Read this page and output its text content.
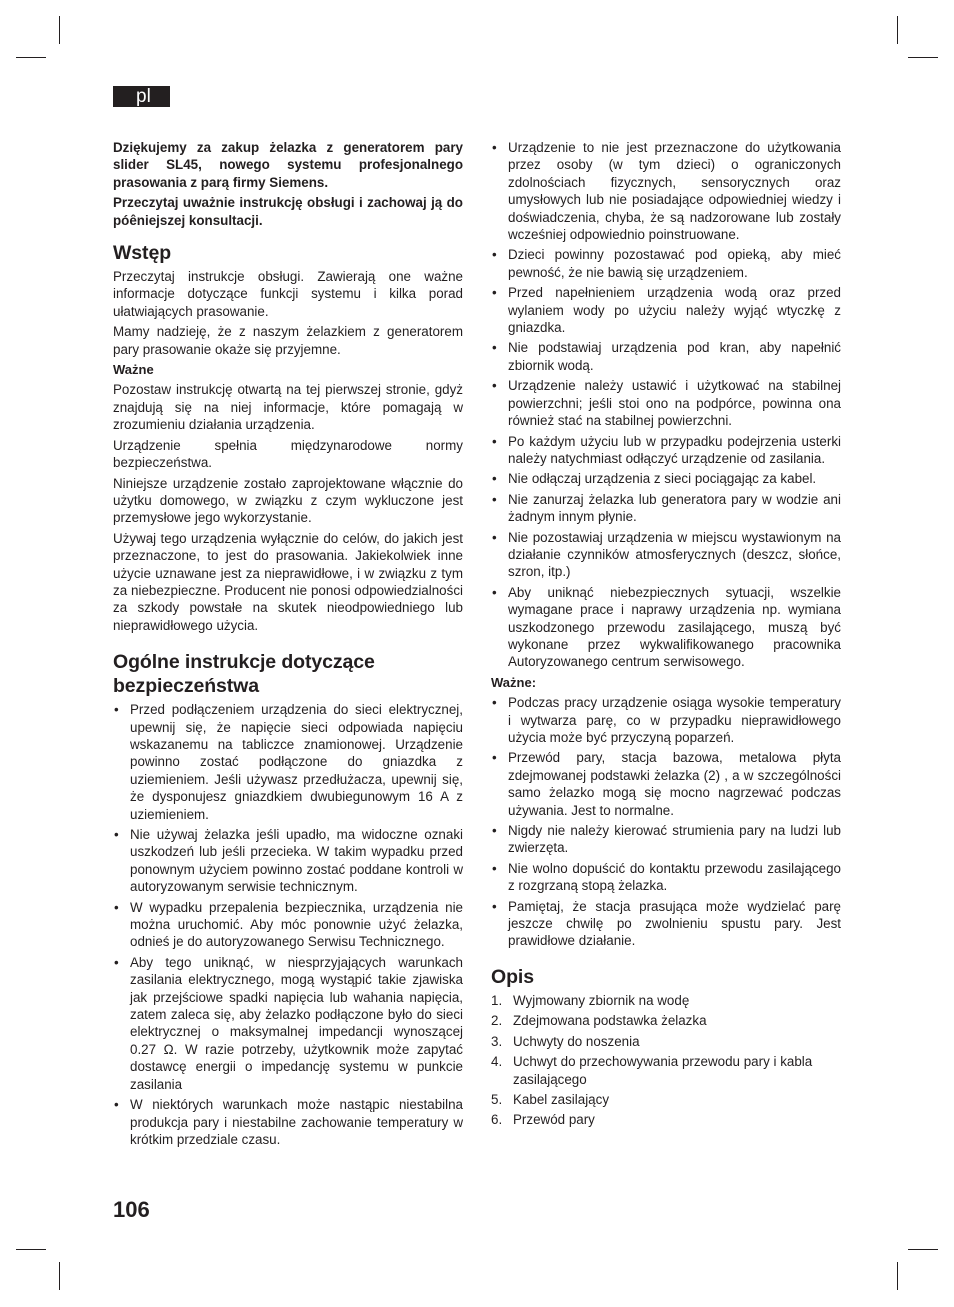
pl

Dziękujemy za zakup żelazka z generatorem pary slider SL45, nowego systemu profesjonalnego prasowania z parą firmy Siemens.

Przeczytaj uważnie instrukcję obsługi i zachowaj ją do póêniejszej konsultacji.

Wstęp

Przeczytaj instrukcje obsługi. Zawierają one ważne informacje dotyczące funkcji systemu i kilka porad ułatwiających prasowanie.

Mamy nadzieję, że z naszym żelazkiem z generatorem pary prasowanie okaże się przyjemne.

Ważne

Pozostaw instrukcję otwartą na tej pierwszej stronie, gdyż znajdują się na niej informacje, które pomagają w zrozumieniu działania urządzenia.

Urządzenie spełnia międzynarodowe normy bezpieczeństwa.

Niniejsze urządzenie zostało zaprojektowane włącznie do użytku domowego, w związku z czym wykluczone jest przemysłowe jego wykorzystanie.

Używaj tego urządzenia wyłącznie do celów, do jakich jest przeznaczone, to jest do prasowania. Jakiekolwiek inne użycie uznawane jest za nieprawidłowe, i w związku z tym za niebezpieczne. Producent nie ponosi odpowiedzialności za szkody powstałe na skutek nieodpowiedniego lub nieprawidłowego użycia.

Ogólne instrukcje dotyczące bezpieczeństwa
• Przed podłączeniem urządzenia do sieci elektrycznej, upewnij się, że napięcie sieci odpowiada napięciu wskazanemu na tabliczce znamionowej. Urządzenie powinno zostać podłączone do gniazdka z uziemieniem. Jeśli używasz przedłużacza, upewnij się, że dysponujesz gniazdkiem dwubiegunowym 16 A z uziemieniem.
• Nie używaj żelazka jeśli upadło, ma widoczne oznaki uszkodzeń lub jeśli przecieka. W takim wypadku przed ponownym użyciem powinno zostać poddane kontroli w autoryzowanym serwisie technicznym.
• W wypadku przepalenia bezpiecznika, urządzenia nie można uruchomić. Aby móc ponownie użyć żelazka, odnieś je do autoryzowanego Serwisu Technicznego.
• Aby tego uniknąć, w niesprzyjających warunkach zasilania elektrycznego, mogą wystąpić takie zjawiska jak przejściowe spadki napięcia lub wahania napięcia, zatem zaleca się, aby żelazko podłączone było do sieci elektrycznej o maksymalnej impedancji wynoszącej 0.27 Ω. W razie potrzeby, użytkownik może zapytać dostawcę energii o impedancję systemu w punkcie zasilania
• W niektórych warunkach może nastąpic niestabilna produkcja pary i niestabilne zachowanie temperatury w krótkim przedziale czasu.
• Urządzenie to nie jest przeznaczone do użytkowania przez osoby (w tym dzieci) o ograniczonych zdolnościach fizycznych, sensorycznych oraz umysłowych lub nie posiadające odpowiedniej wiedzy i doświadczenia, chyba, że są nadzorowane lub zostały wcześniej odpowiednio poinstruowane.
• Dzieci powinny pozostawać pod opieką, aby mieć pewność, że nie bawią się urządzeniem.
• Przed napełnieniem urządzenia wodą oraz przed wylaniem wody po użyciu należy wyjąć wtyczkę z gniazdka.
• Nie podstawiaj urządzenia pod kran, aby napełnić zbiornik wodą.
• Urządzenie należy ustawić i użytkować na stabilnej powierzchni; jeśli stoi ono na podpórce, powinna ona również stać na stabilnej powierzchni.
• Po każdym użyciu lub w przypadku podejrzenia usterki należy natychmiast odłączyć urządzenie od zasilania.
• Nie odłączaj urządzenia z sieci pociągając za kabel.
• Nie zanurzaj żelazka lub generatora pary w wodzie ani żadnym innym płynie.
• Nie pozostawiaj urządzenia w miejscu wystawionym na działanie czynników atmosferycznych (deszcz, słońce, szron, itp.)
• Aby uniknąć niebezpiecznych sytuacji, wszelkie wymagane prace i naprawy urządzenia np. wymiana uszkodzonego przewodu zasilającego, muszą być wykonane przez wykwalifikowanego pracownika Autoryzowanego centrum serwisowego.

Ważne:

• Podczas pracy urządzenie osiąga wysokie temperatury i wytwarza parę, co w przypadku nieprawidłowego użycia może być przyczyną poparzeń.
• Przewód pary, stacja bazowa, metalowa płyta zdejmowanej podstawki żelazka (2) , a w szczególności samo żelazko mogą się mocno nagrzewać podczas używania. Jest to normalne.
• Nigdy nie należy kierować strumienia pary na ludzi lub zwierzęta.
• Nie wolno dopuścić do kontaktu przewodu zasilającego z rozgrzaną stopą żelazka.
• Pamiętaj, że stacja prasująca może wydzielać parę jeszcze chwilę po zwolnieniu spustu pary. Jest prawidłowe działanie.
Opis
1. Wyjmowany zbiornik na wodę
2. Zdejmowana podstawka żelazka
3. Uchwyty do noszenia
4. Uchwyt do przechowywania przewodu pary i kabla zasilającego
5. Kabel zasilający
6. Przewód pary
106
